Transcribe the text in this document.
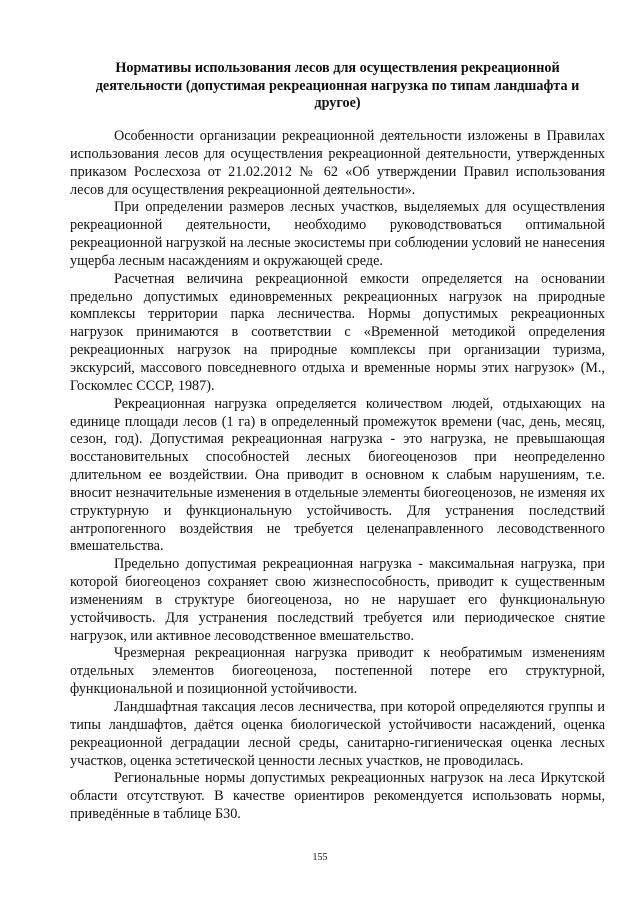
Нормативы использования лесов для осуществления рекреационной
деятельности (допустимая рекреационная нагрузка по типам ландшафта и
другое)

Особенности организации рекреационной деятельности изложены в Правилах использования лесов для осуществления рекреационной деятельности, утвержденных приказом Рослесхоза от 21.02.2012 № 62 «Об утверждении Правил использования лесов для осуществления рекреационной деятельности».

При определении размеров лесных участков, выделяемых для осуществления рекреационной деятельности, необходимо руководствоваться оптимальной рекреационной нагрузкой на лесные экосистемы при соблюдении условий не нанесения ущерба лесным насаждениям и окружающей среде.

Расчетная величина рекреационной емкости определяется на основании предельно допустимых единовременных рекреационных нагрузок на природные комплексы территории парка лесничества. Нормы допустимых рекреационных нагрузок принимаются в соответствии с «Временной методикой определения рекреационных нагрузок на природные комплексы при организации туризма, экскурсий, массового повседневного отдыха и временные нормы этих нагрузок» (М., Госкомлес СССР, 1987).

Рекреационная нагрузка определяется количеством людей, отдыхающих на единице площади лесов (1 га) в определенный промежуток времени (час, день, месяц, сезон, год). Допустимая рекреационная нагрузка - это нагрузка, не превышающая восстановительных способностей лесных биогеоценозов при неопределенно длительном ее воздействии. Она приводит в основном к слабым нарушениям, т.е. вносит незначительные изменения в отдельные элементы биогеоценозов, не изменяя их структурную и функциональную устойчивость. Для устранения последствий антропогенного воздействия не требуется целенаправленного лесоводственного вмешательства.

Предельно допустимая рекреационная нагрузка - максимальная нагрузка, при которой биогеоценоз сохраняет свою жизнеспособность, приводит к существенным изменениям в структуре биогеоценоза, но не нарушает его функциональную устойчивость. Для устранения последствий требуется или периодическое снятие нагрузок, или активное лесоводственное вмешательство.

Чрезмерная рекреационная нагрузка приводит к необратимым изменениям отдельных элементов биогеоценоза, постепенной потере его структурной, функциональной и позиционной устойчивости.

Ландшафтная таксация лесов лесничества, при которой определяются группы и типы ландшафтов, даётся оценка биологической устойчивости насаждений, оценка рекреационной деградации лесной среды, санитарно-гигиеническая оценка лесных участков, оценка эстетической ценности лесных участков, не проводилась.

Региональные нормы допустимых рекреационных нагрузок на леса Иркутской области отсутствуют. В качестве ориентиров рекомендуется использовать нормы, приведённые в таблице Б30.

155
